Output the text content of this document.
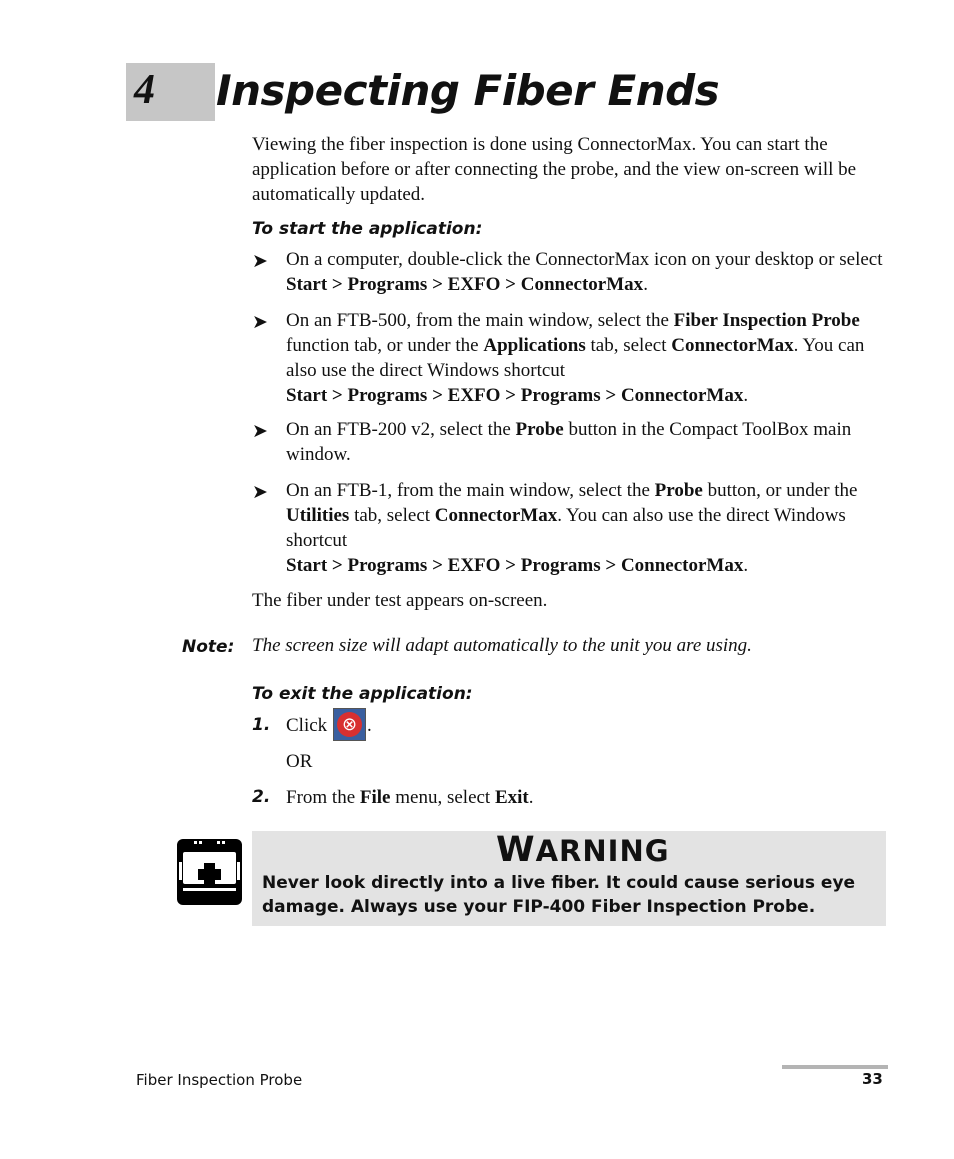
4 Inspecting Fiber Ends
Viewing the fiber inspection is done using ConnectorMax. You can start the application before or after connecting the probe, and the view on-screen will be automatically updated.
To start the application:
➤ On a computer, double-click the ConnectorMax icon on your desktop or select Start > Programs > EXFO > ConnectorMax.
➤ On an FTB-500, from the main window, select the Fiber Inspection Probe function tab, or under the Applications tab, select ConnectorMax. You can also use the direct Windows shortcut
Start > Programs > EXFO > Programs > ConnectorMax.
➤ On an FTB-200 v2, select the Probe button in the Compact ToolBox main window.
➤ On an FTB-1, from the main window, select the Probe button, or under the Utilities tab, select ConnectorMax. You can also use the direct Windows shortcut
Start > Programs > EXFO > Programs > ConnectorMax.
The fiber under test appears on-screen.
Note: The screen size will adapt automatically to the unit you are using.
To exit the application:
1. Click ⊗ .
OR
2. From the File menu, select Exit.
WARNING
Never look directly into a live fiber. It could cause serious eye damage. Always use your FIP-400 Fiber Inspection Probe.
Fiber Inspection Probe	33
